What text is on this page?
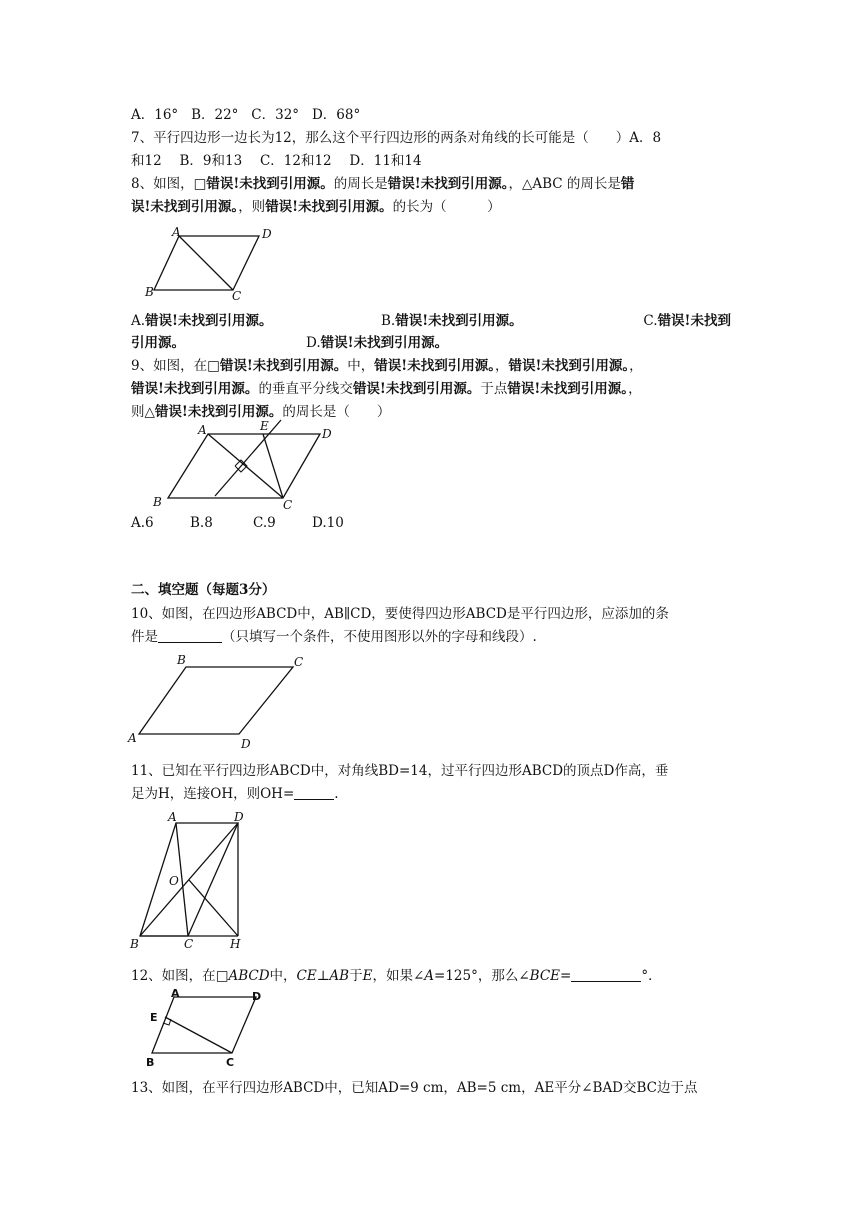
A．16° B．22° C．32° D．68°
7、平行四边形一边长为12，那么这个平行四边形的两条对角线的长可能是（　　）A．8
和12　 B．9和13　 C．12和12　 D．11和14
8、如图，□错误!未找到引用源。的周长是错误!未找到引用源。，△ABC 的周长是错
误!未找到引用源。，则错误!未找到引用源。的长为（　　　）
A	D
B	C
A.错误!未找到引用源。	B.错误!未找到引用源。	C.错误!未找到
引用源。	D.错误!未找到引用源。
9、如图，在□错误!未找到引用源。中，错误!未找到引用源。，错误!未找到引用源。，
错误!未找到引用源。的垂直平分线交错误!未找到引用源。于点错误!未找到引用源。，
则△错误!未找到引用源。的周长是（　　）
A	E
D
B	C
A.6	B.8	C.9	D.10
二、填空题（每题3分）
10、如图，在四边形ABCD中，AB∥CD，要使得四边形ABCD是平行四边形，应添加的条
件是	（只填写一个条件，不使用图形以外的字母和线段）.
B	C
A	D
11、已知在平行四边形ABCD中，对角线BD=14，过平行四边形ABCD的顶点D作高，垂
足为H，连接OH，则OH=	.
A	D
O
B	C	H
12、如图，在□ABCD中，CE⊥AB于E，如果∠A=125°，那么∠BCE=	°．
A	D
E
B	C
13、如图，在平行四边形ABCD中，已知AD=9 cm，AB=5 cm，AE平分∠BAD交BC边于点
